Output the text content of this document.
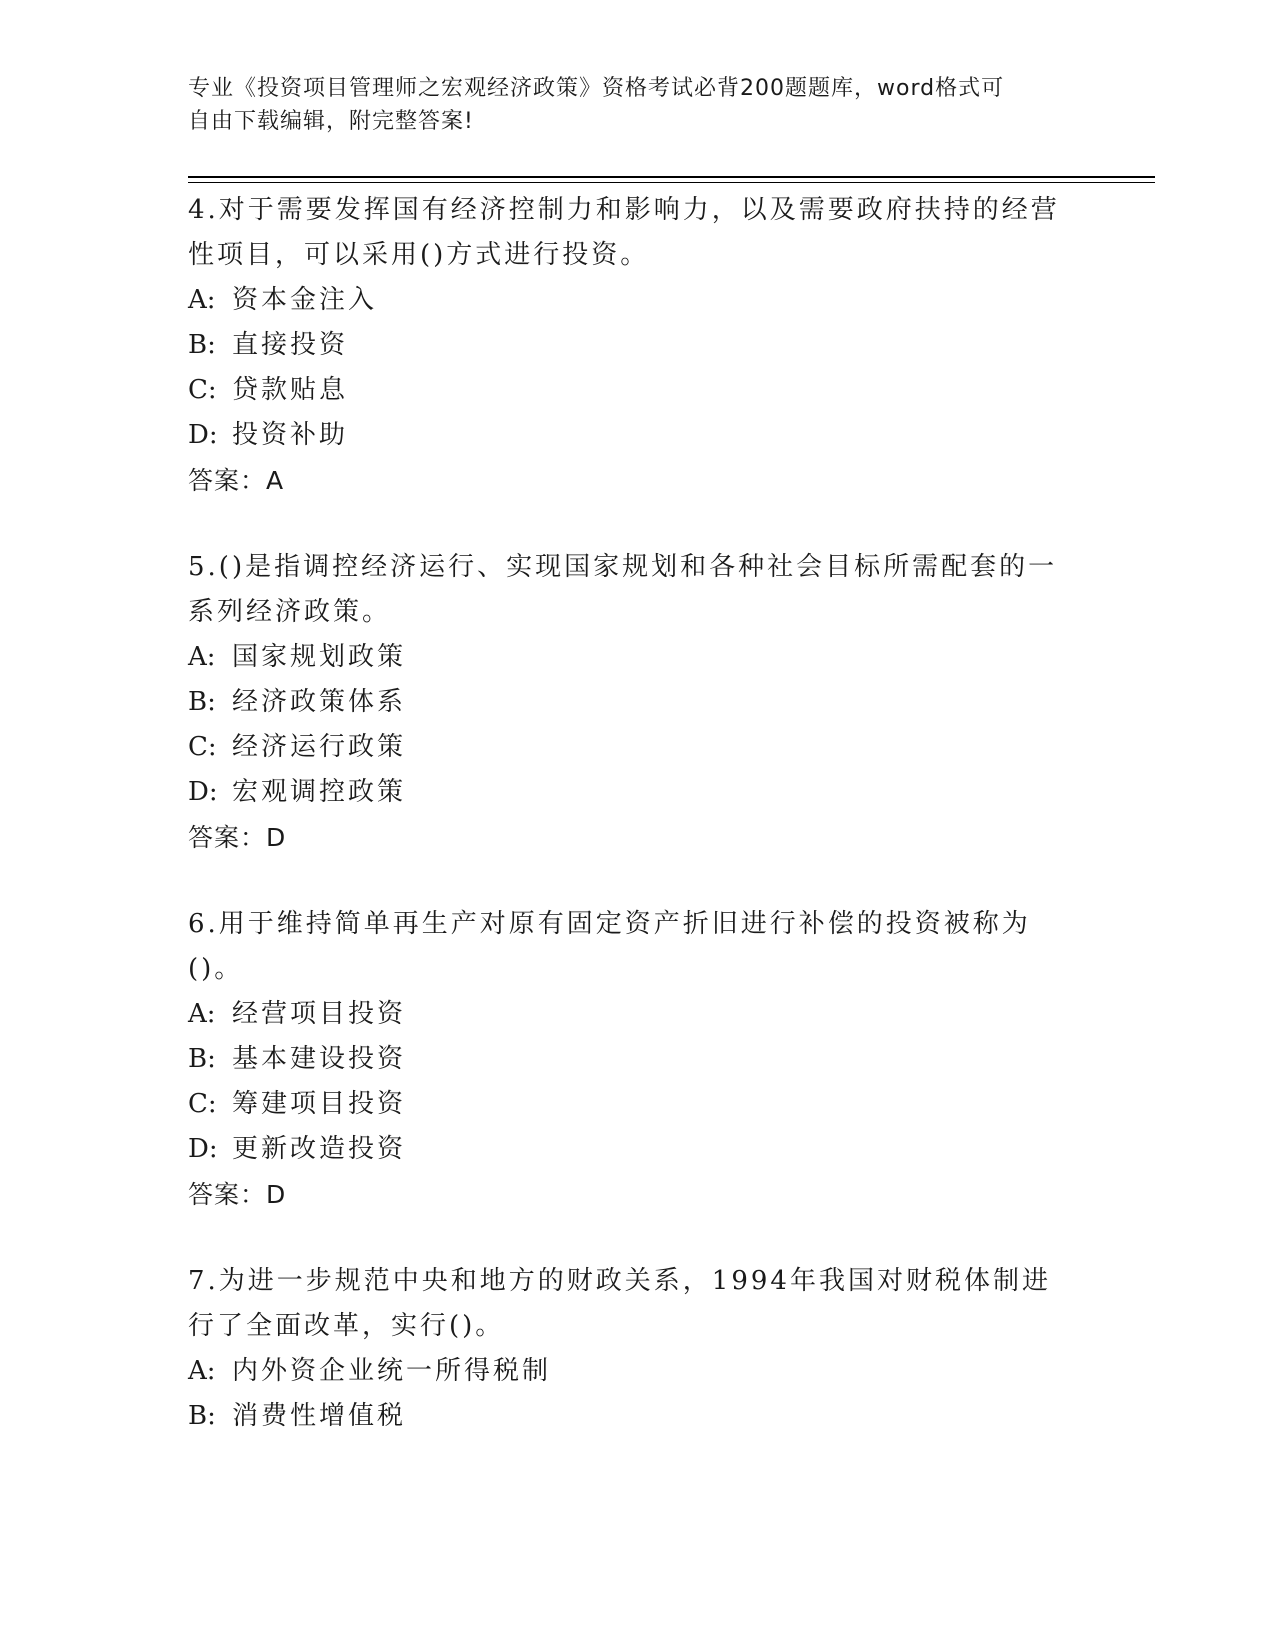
专业《投资项目管理师之宏观经济政策》资格考试必背200题题库，word格式可
自由下载编辑，附完整答案!

4.对于需要发挥国有经济控制力和影响力，以及需要政府扶持的经营性项目，可以采用()方式进行投资。

A: 资本金注入

B: 直接投资

C: 贷款贴息

D: 投资补助

答案：A

5.()是指调控经济运行、实现国家规划和各种社会目标所需配套的一系列经济政策。

A: 国家规划政策

B: 经济政策体系

C: 经济运行政策

D: 宏观调控政策

答案：D

6.用于维持简单再生产对原有固定资产折旧进行补偿的投资被称为()。

A: 经营项目投资

B: 基本建设投资

C: 筹建项目投资

D: 更新改造投资

答案：D

7.为进一步规范中央和地方的财政关系，1994年我国对财税体制进行了全面改革，实行()。

A: 内外资企业统一所得税制

B: 消费性增值税
